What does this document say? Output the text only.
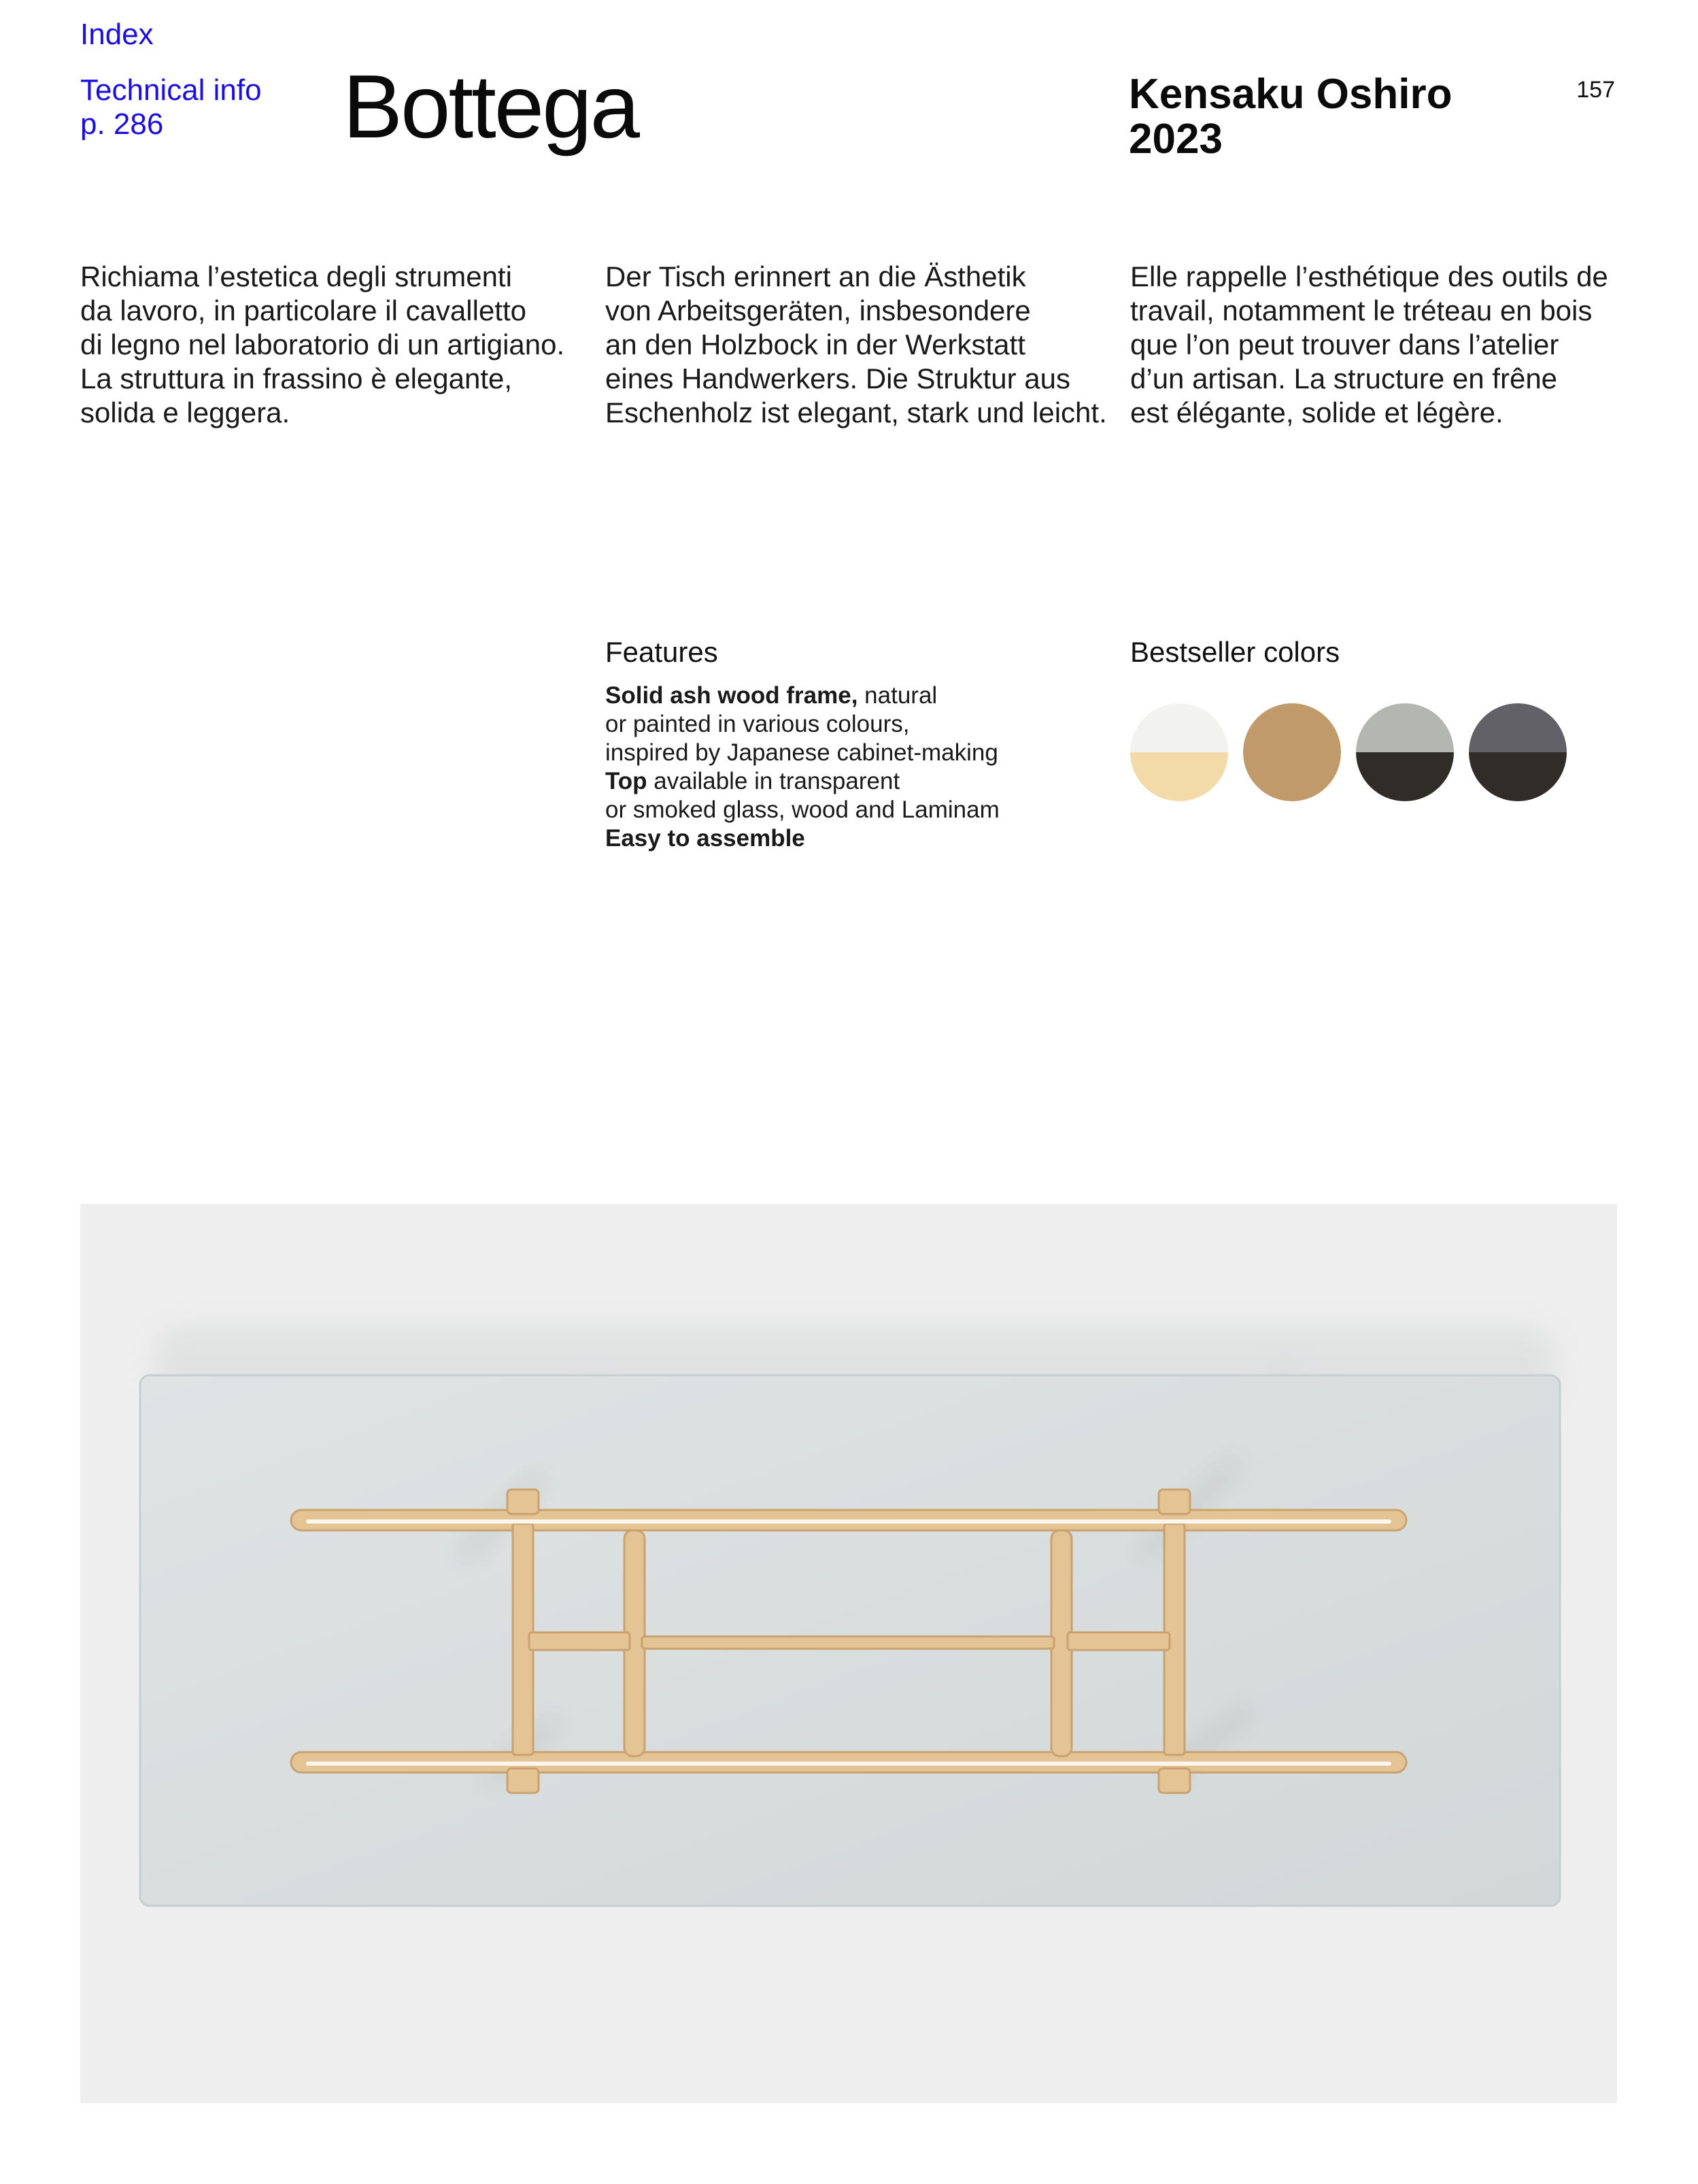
Index
Technical info
p. 286	Bottega	Kensaku Oshiro
2023
157
Richiama l’estetica degli strumenti
da lavoro, in particolare il cavalletto
di legno nel laboratorio di un artigiano.
La struttura in frassino è elegante,
solida e leggera.
Der Tisch erinnert an die Ästhetik
von Arbeitsgeräten, insbesondere
an den Holzbock in der Werkstatt
eines Handwerkers. Die Struktur aus
Eschenholz ist elegant, stark und leicht.
Elle rappelle l’esthétique des outils de
travail, notamment le tréteau en bois
que l’on peut trouver dans l’atelier
d’un artisan. La structure en frêne
est élégante, solide et légère.
Features
Solid ash wood frame, natural
or painted in various colours,
inspired by Japanese cabinet-making
Top available in transparent
or smoked glass, wood and Laminam
Easy to assemble
Bestseller colors
